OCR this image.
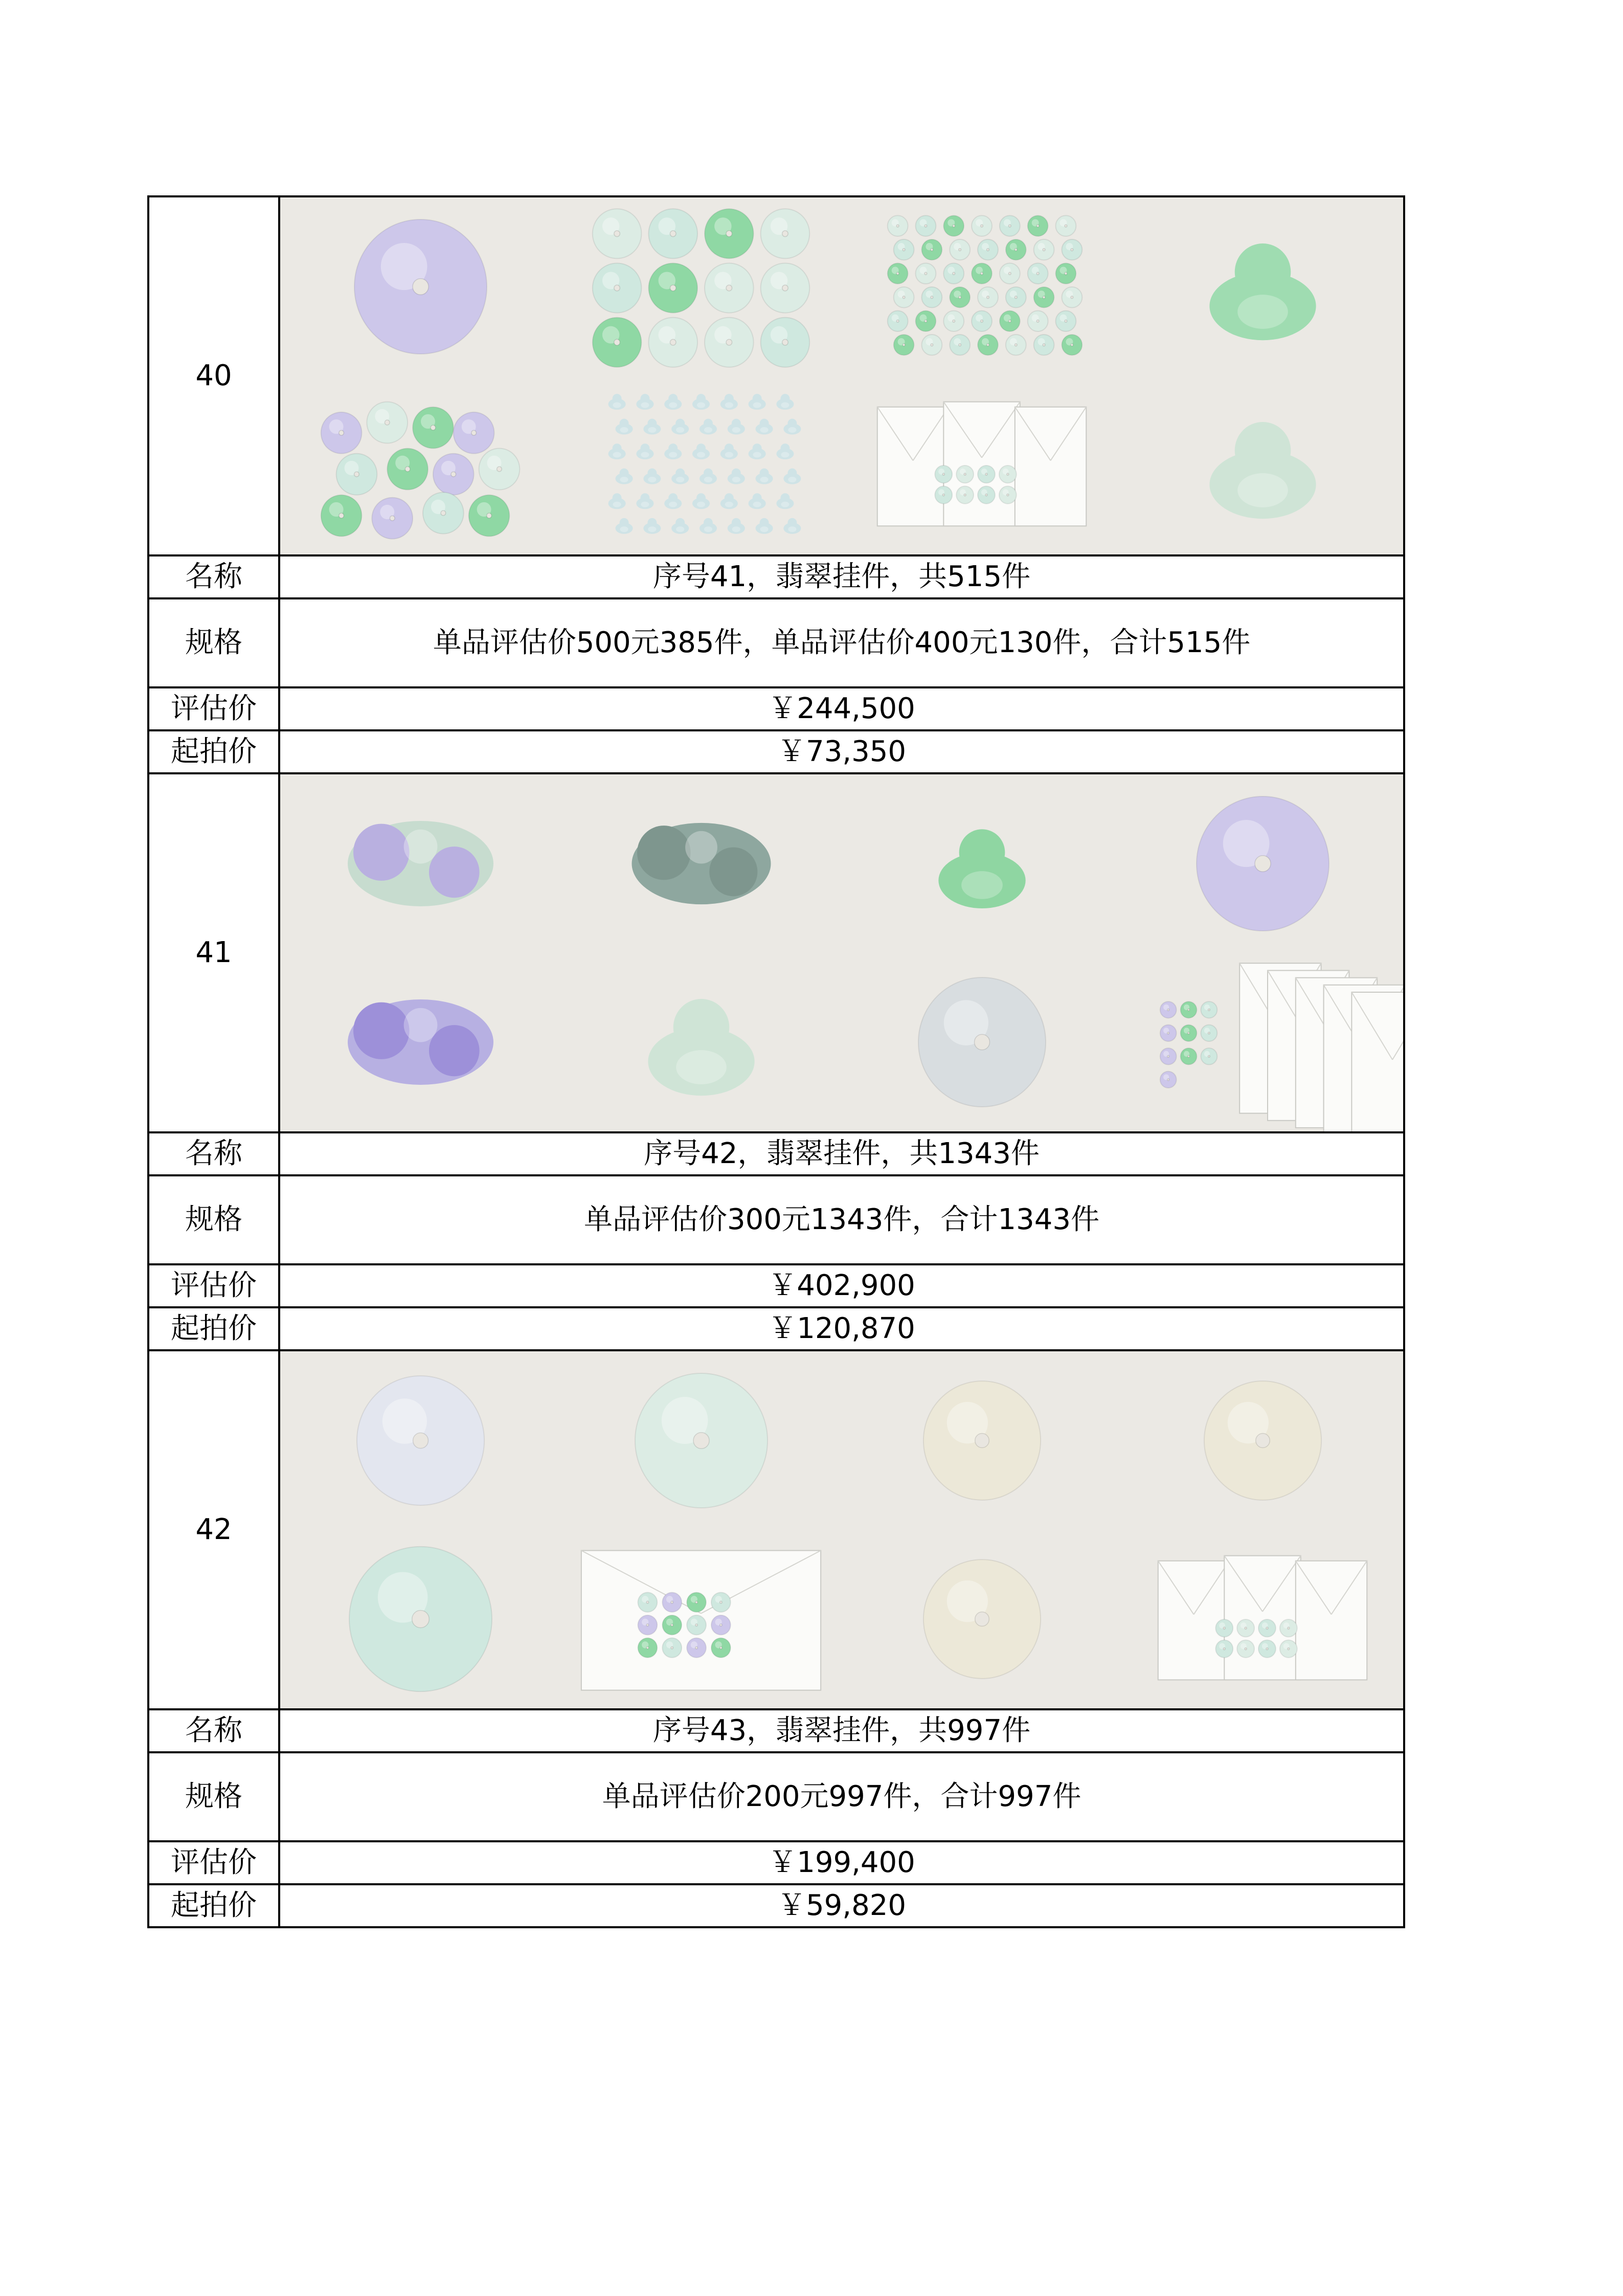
40	

名称	序号41，翡翠挂件，共515件
规格	单品评估价500元385件，单品评估价400元130件，合计515件
评估价	￥244,500
起拍价	￥73,350
41	

名称	序号42，翡翠挂件，共1343件
规格	单品评估价300元1343件，合计1343件
评估价	￥402,900
起拍价	￥120,870
42	

名称	序号43，翡翠挂件，共997件
规格	单品评估价200元997件，合计997件
评估价	￥199,400
起拍价	￥59,820
